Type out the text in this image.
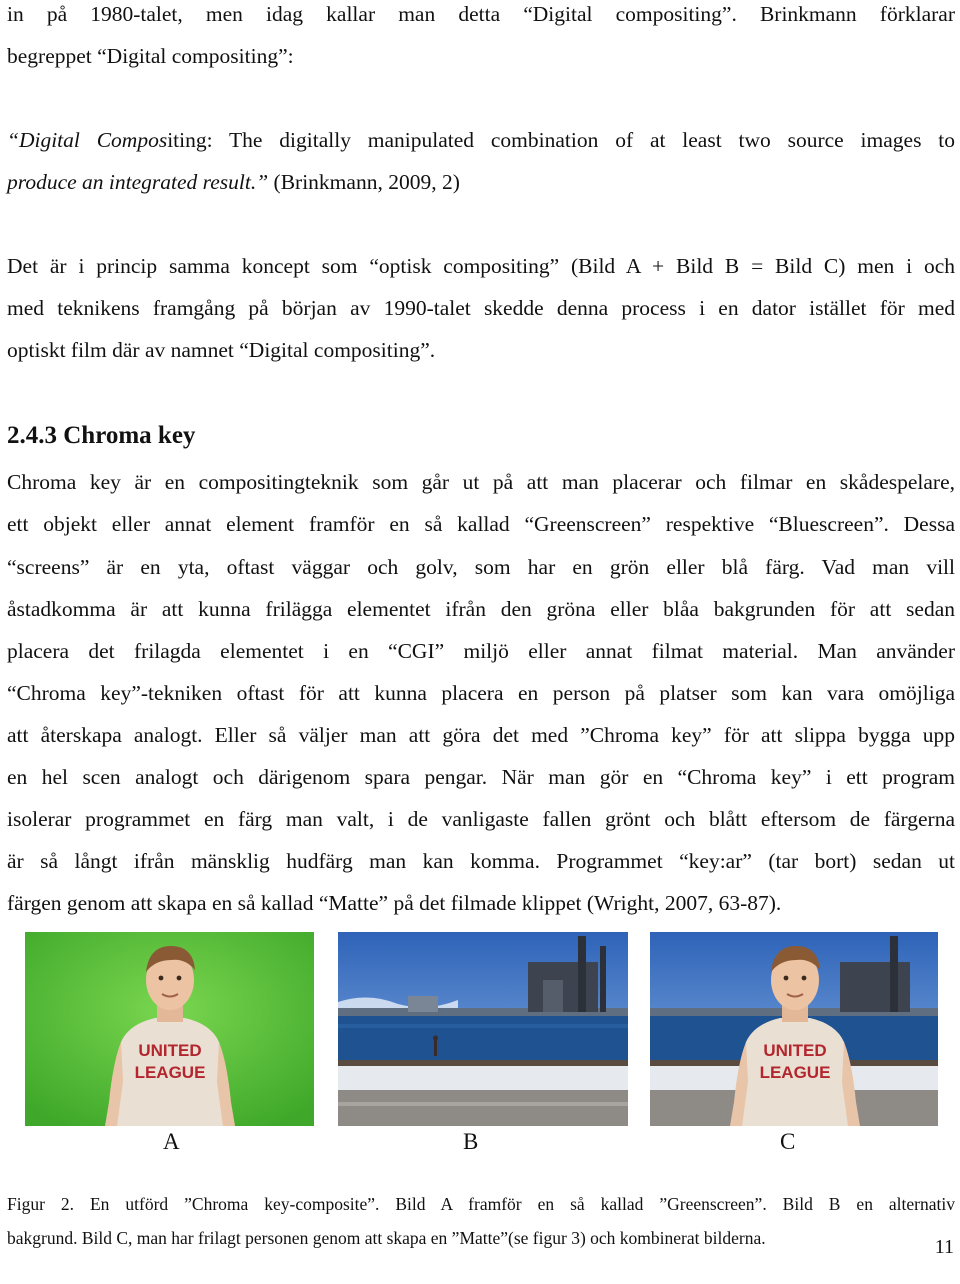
in på 1980-talet, men idag kallar man detta “Digital compositing”. Brinkmann förklarar
begreppet “Digital compositing”:
“Digital Compositing: The digitally manipulated combination of at least two source images to
produce an integrated result.” (Brinkmann, 2009, 2)
Det är i princip samma koncept som “optisk compositing” (Bild A + Bild B = Bild C) men i och
med teknikens framgång på början av 1990-talet skedde denna process i en dator istället för med
optiskt film där av namnet “Digital compositing”.
2.4.3 Chroma key
Chroma key är en compositingteknik som går ut på att man placerar och filmar en skådespelare,
ett objekt eller annat element framför en så kallad “Greenscreen” respektive “Bluescreen”. Dessa
“screens” är en yta, oftast väggar och golv, som har en grön eller blå färg. Vad man vill
åstadkomma är att kunna frilägga elementet ifrån den gröna eller blåa bakgrunden för att sedan
placera det frilagda elementet i en “CGI” miljö eller annat filmat material. Man använder
“Chroma key”-tekniken oftast för att kunna placera en person på platser som kan vara omöjliga
att återskapa analogt. Eller så väljer man att göra det med ”Chroma key” för att slippa bygga upp
en hel scen analogt och därigenom spara pengar. När man gör en “Chroma key” i ett program
isolerar programmet en färg man valt, i de vanligaste fallen grönt och blått eftersom de färgerna
är så långt ifrån mänsklig hudfärg man kan komma. Programmet “key:ar” (tar bort) sedan ut
färgen genom att skapa en så kallad “Matte” på det filmade klippet (Wright, 2007, 63-87).
UNITED
LEAGUE
UNITED
LEAGUE
A	B	C
Figur 2. En utförd ”Chroma key-composite”. Bild A framför en så kallad ”Greenscreen”. Bild B en alternativ
bakgrund. Bild C, man har frilagt personen genom att skapa en ”Matte”(se figur 3) och kombinerat bilderna.	11
